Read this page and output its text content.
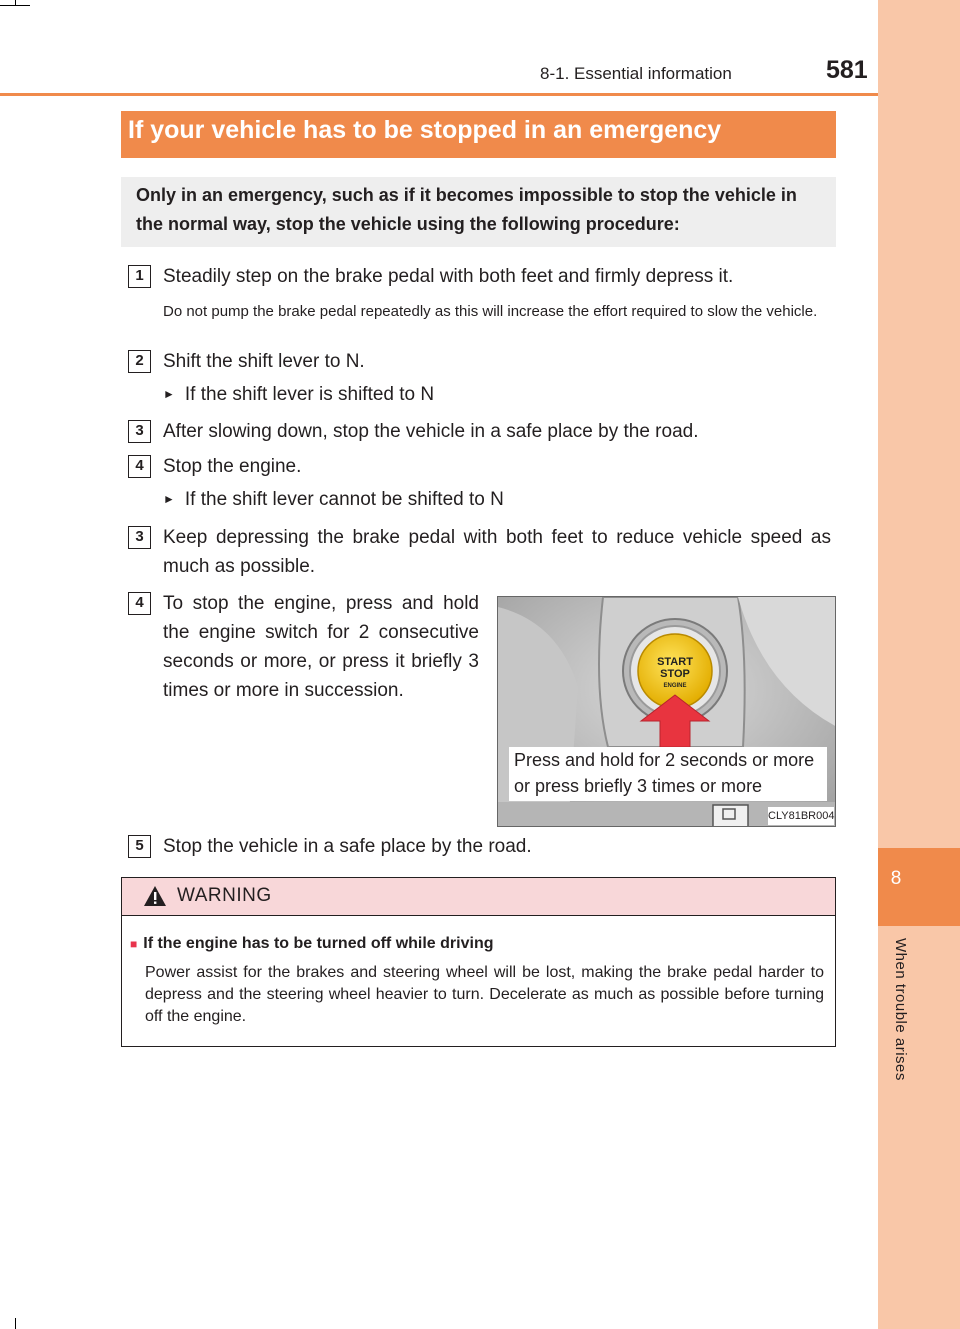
8
When trouble arises
8-1. Essential information	581
If your vehicle has to be stopped in an emergency
Only in an emergency, such as if it becomes impossible to stop the vehicle in the normal way, stop the vehicle using the following procedure:
1	Steadily step on the brake pedal with both feet and firmly depress it.
Do not pump the brake pedal repeatedly as this will increase the effort required to slow the vehicle.
2	Shift the shift lever to N.
► If the shift lever is shifted to N
3	After slowing down, stop the vehicle in a safe place by the road.
4	Stop the engine.
► If the shift lever cannot be shifted to N
3	Keep depressing the brake pedal with both feet to reduce vehicle speed as much as possible.
4	To stop the engine, press and hold the engine switch for 2 consecutive seconds or more, or press it briefly 3 times or more in succession.
START
STOP
ENGINE
Press and hold for 2 seconds or more
or press briefly 3 times or more
CLY81BR004
5	Stop the vehicle in a safe place by the road.
WARNING
■ If the engine has to be turned off while driving
Power assist for the brakes and steering wheel will be lost, making the brake pedal harder to depress and the steering wheel heavier to turn. Decelerate as much as possible before turning off the engine.
